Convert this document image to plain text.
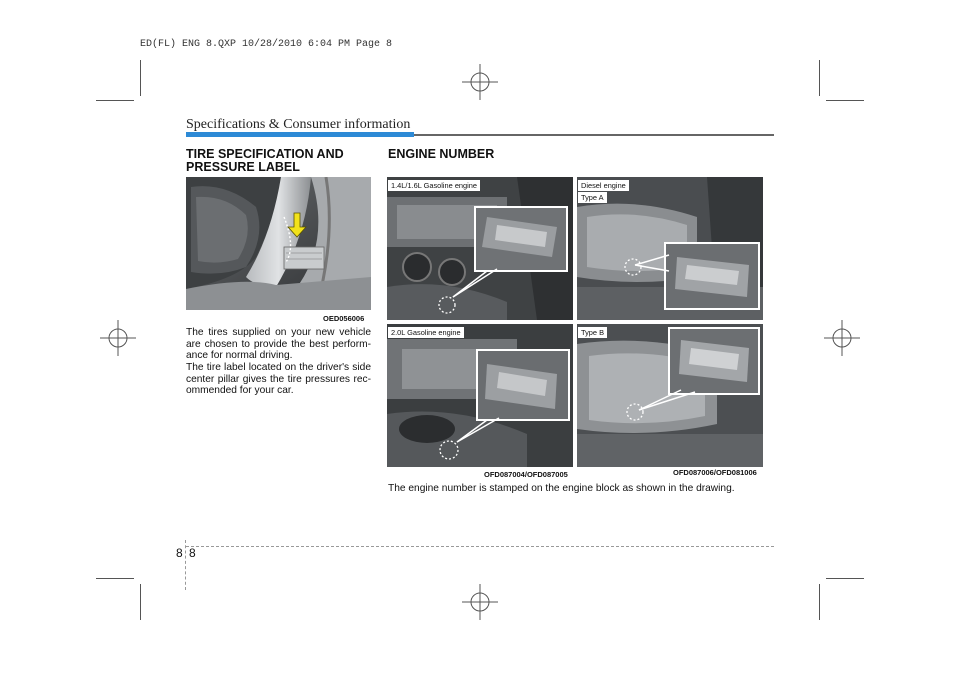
ED(FL) ENG 8.QXP 10/28/2010 6:04 PM Page 8
Specifications & Consumer information
TIRE SPECIFICATION AND PRESSURE LABEL
OED056006
The tires supplied on your new vehicle are chosen to provide the best perform-ance for normal driving.
The tire label located on the driver's side center pillar gives the tire pressures rec-ommended for your car.
ENGINE NUMBER
1.4L/1.6L Gasoline engine
2.0L Gasoline engine
Diesel engine
Type A
Type B
OFD087004/OFD087005	OFD087006/OFD081006
The engine number is stamped on the engine block as shown in the drawing.
8 8
